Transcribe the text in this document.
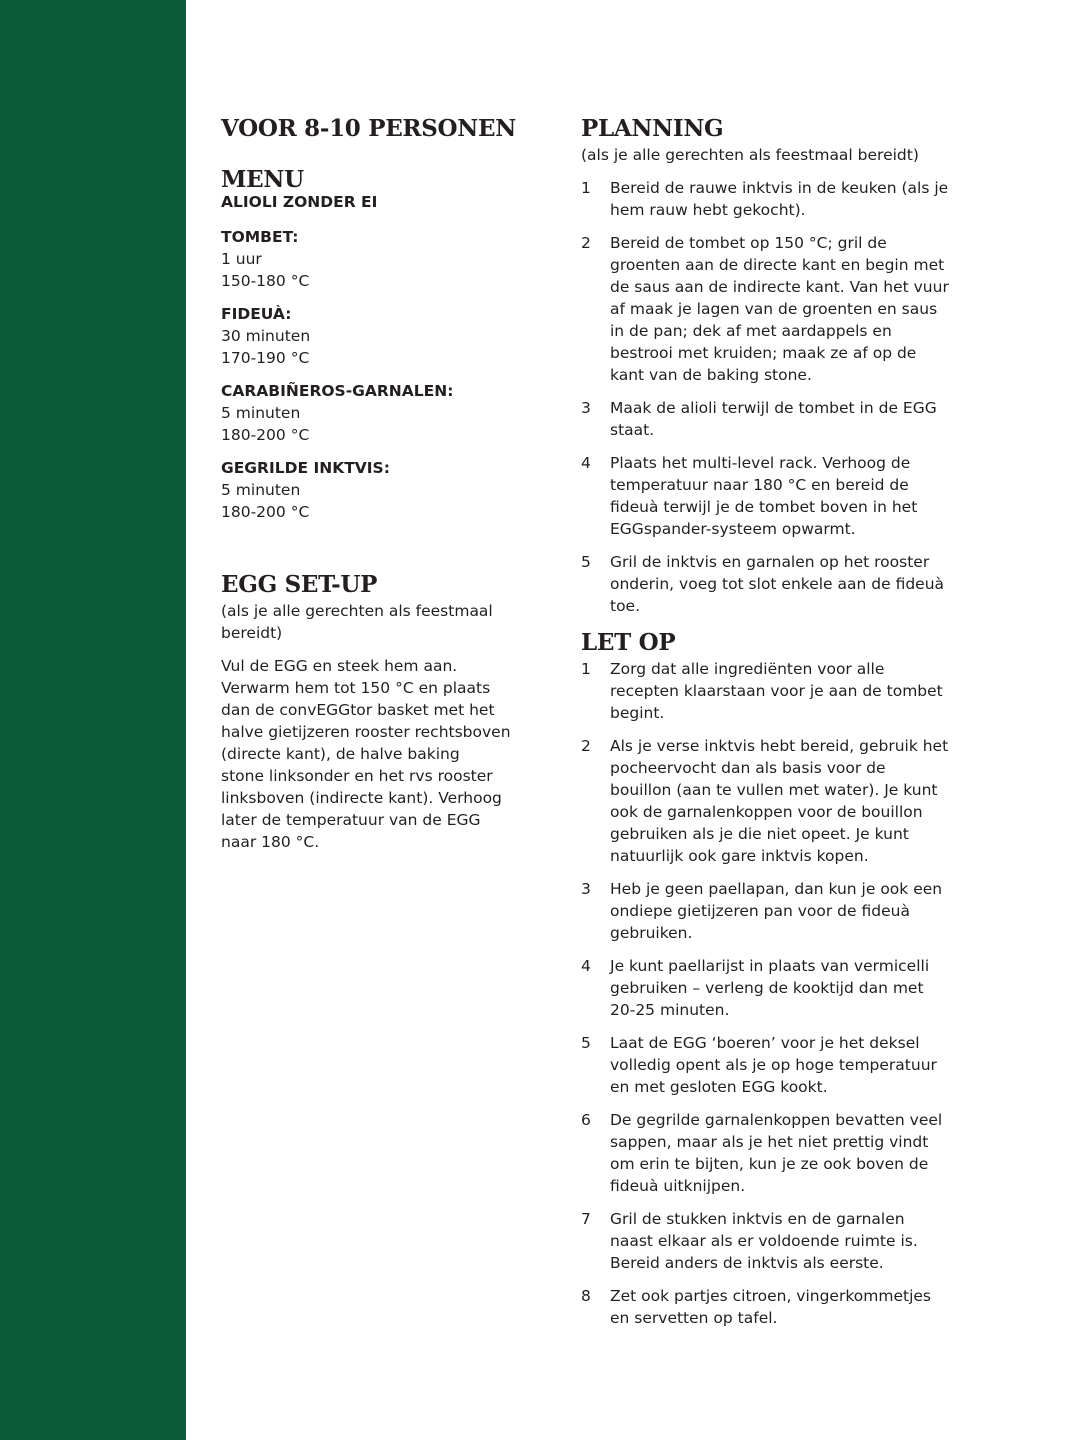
VOOR 8-10 PERSONEN
MENU

ALIOLI ZONDER EI

TOMBET:

1 uur

150-180 °C

FIDEUÀ:

30 minuten

170-190 °C

CARABIÑEROS-GARNALEN:

5 minuten

180-200 °C

GEGRILDE INKTVIS:

5 minuten

180-200 °C

EGG SET-UP

(als je alle gerechten als feestmaal

bereidt)

Vul de EGG en steek hem aan.

Verwarm hem tot 150 °C en plaats

dan de convEGGtor basket met het

halve gietijzeren rooster rechtsboven

(directe kant), de halve baking

stone linksonder en het rvs rooster

linksboven (indirecte kant). Verhoog

later de temperatuur van de EGG

naar 180 °C.

PLANNING

(als je alle gerechten als feestmaal bereidt)

1	Bereid de rauwe inktvis in de keuken (als je
hem rauw hebt gekocht).
2	Bereid de tombet op 150 °C; gril de
groenten aan de directe kant en begin met
de saus aan de indirecte kant. Van het vuur
af maak je lagen van de groenten en saus
in de pan; dek af met aardappels en
bestrooi met kruiden; maak ze af op de
kant van de baking stone.
3	Maak de alioli terwijl de tombet in de EGG
staat.
4	Plaats het multi-level rack. Verhoog de
temperatuur naar 180 °C en bereid de
fideuà terwijl je de tombet boven in het
EGGspander-systeem opwarmt.
5	Gril de inktvis en garnalen op het rooster
onderin, voeg tot slot enkele aan de fideuà
toe.
LET OP
1	Zorg dat alle ingrediënten voor alle
recepten klaarstaan voor je aan de tombet
begint.
2	Als je verse inktvis hebt bereid, gebruik het
pocheervocht dan als basis voor de
bouillon (aan te vullen met water). Je kunt
ook de garnalenkoppen voor de bouillon
gebruiken als je die niet opeet. Je kunt
natuurlijk ook gare inktvis kopen.
3	Heb je geen paellapan, dan kun je ook een
ondiepe gietijzeren pan voor de fideuà
gebruiken.
4	Je kunt paellarijst in plaats van vermicelli
gebruiken – verleng de kooktijd dan met
20-25 minuten.
5	Laat de EGG ‘boeren’ voor je het deksel
volledig opent als je op hoge temperatuur
en met gesloten EGG kookt.
6	De gegrilde garnalenkoppen bevatten veel
sappen, maar als je het niet prettig vindt
om erin te bijten, kun je ze ook boven de
fideuà uitknijpen.
7	Gril de stukken inktvis en de garnalen
naast elkaar als er voldoende ruimte is.
Bereid anders de inktvis als eerste.
8	Zet ook partjes citroen, vingerkommetjes
en servetten op tafel.
